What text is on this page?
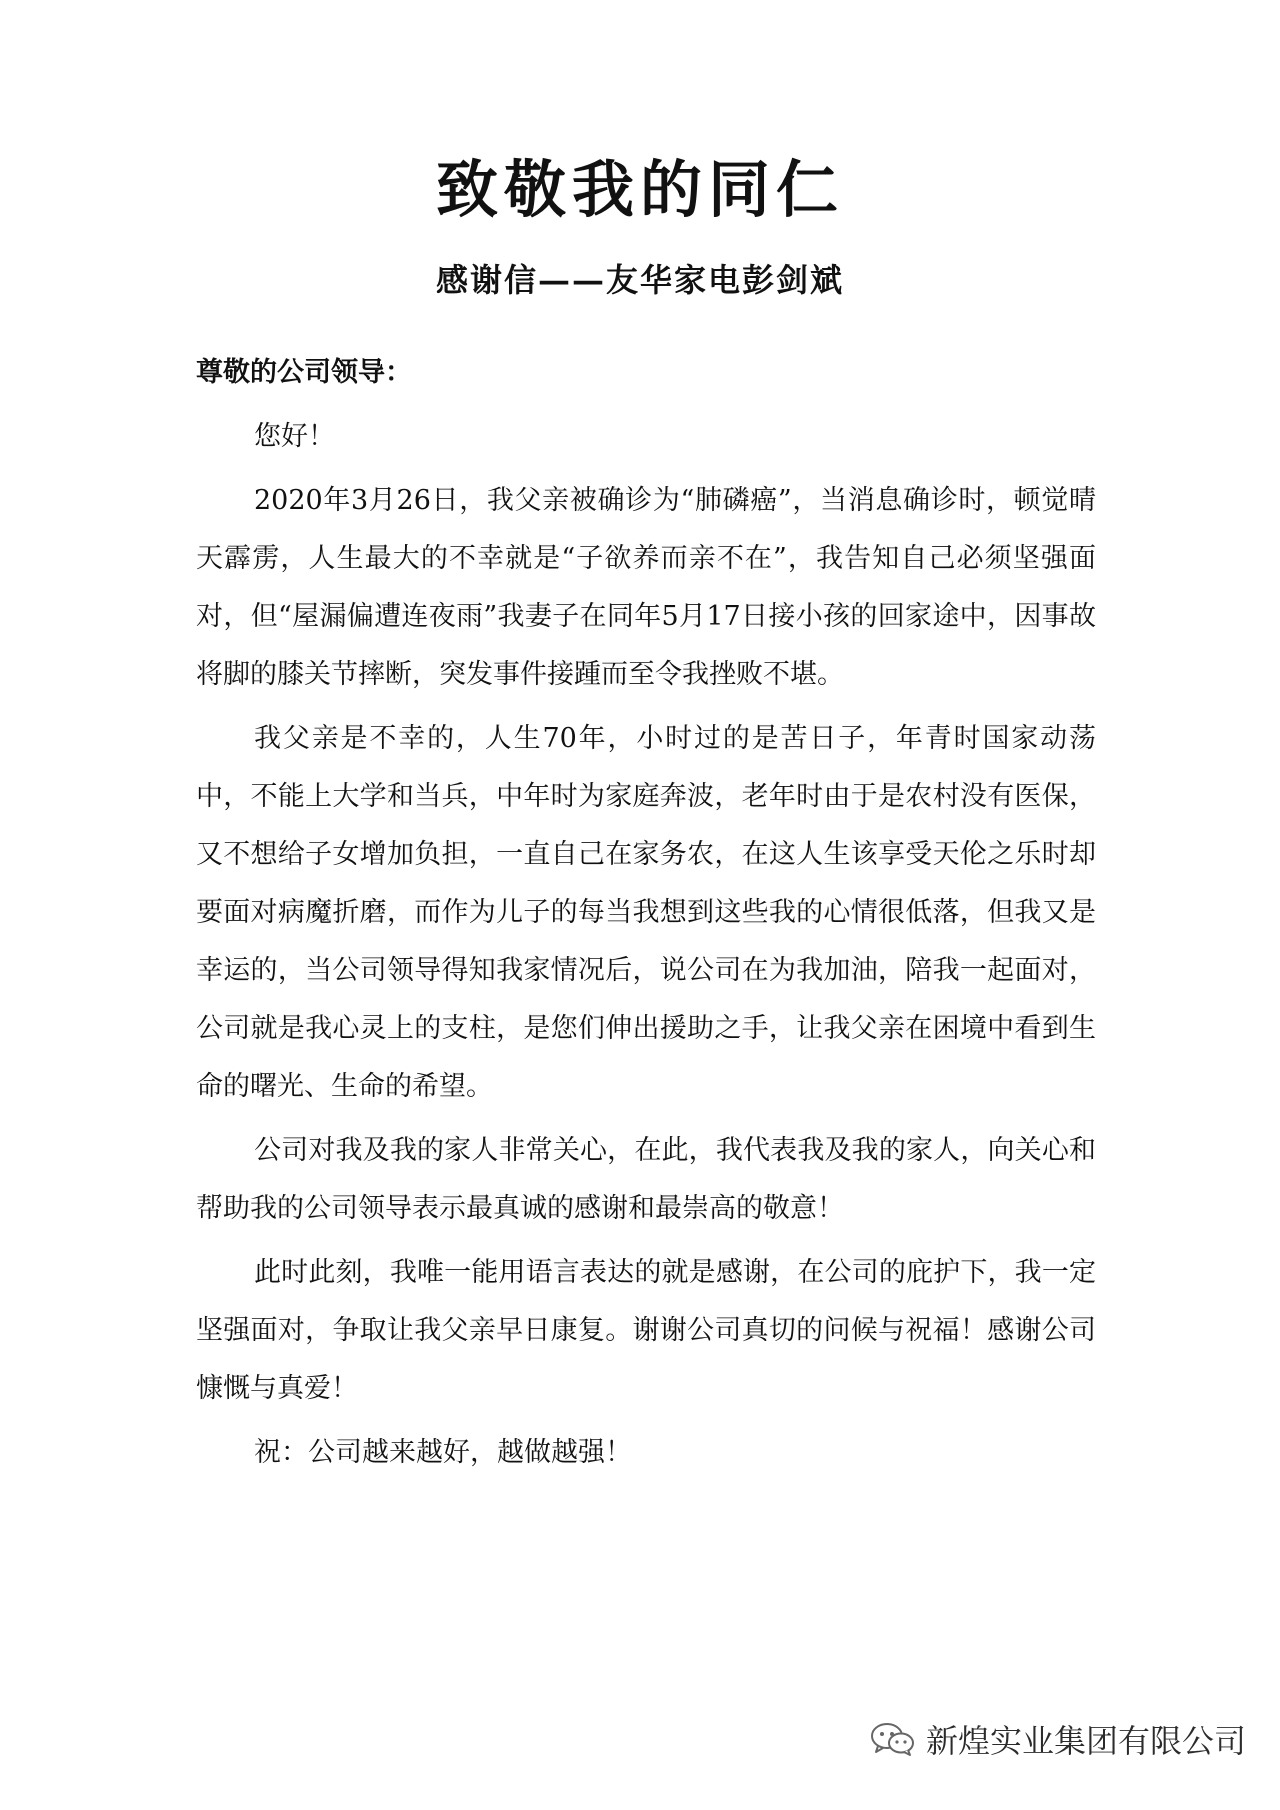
致敬我的同仁
感谢信——友华家电彭剑斌

尊敬的公司领导：

您好！

2020年3月26日，我父亲被确诊为“肺磷癌”，当消息确诊时，顿觉晴天霹雳，人生最大的不幸就是“子欲养而亲不在”，我告知自己必须坚强面对，但“屋漏偏遭连夜雨”我妻子在同年5月17日接小孩的回家途中，因事故将脚的膝关节摔断，突发事件接踵而至令我挫败不堪。

我父亲是不幸的，人生70年，小时过的是苦日子，年青时国家动荡中，不能上大学和当兵，中年时为家庭奔波，老年时由于是农村没有医保，又不想给子女增加负担，一直自己在家务农，在这人生该享受天伦之乐时却要面对病魔折磨，而作为儿子的每当我想到这些我的心情很低落，但我又是幸运的，当公司领导得知我家情况后，说公司在为我加油，陪我一起面对，公司就是我心灵上的支柱，是您们伸出援助之手，让我父亲在困境中看到生命的曙光、生命的希望。

公司对我及我的家人非常关心，在此，我代表我及我的家人，向关心和帮助我的公司领导表示最真诚的感谢和最崇高的敬意！

此时此刻，我唯一能用语言表达的就是感谢，在公司的庇护下，我一定坚强面对，争取让我父亲早日康复。谢谢公司真切的问候与祝福！感谢公司慷慨与真爱！

祝：公司越来越好，越做越强！

新煌实业集团有限公司
